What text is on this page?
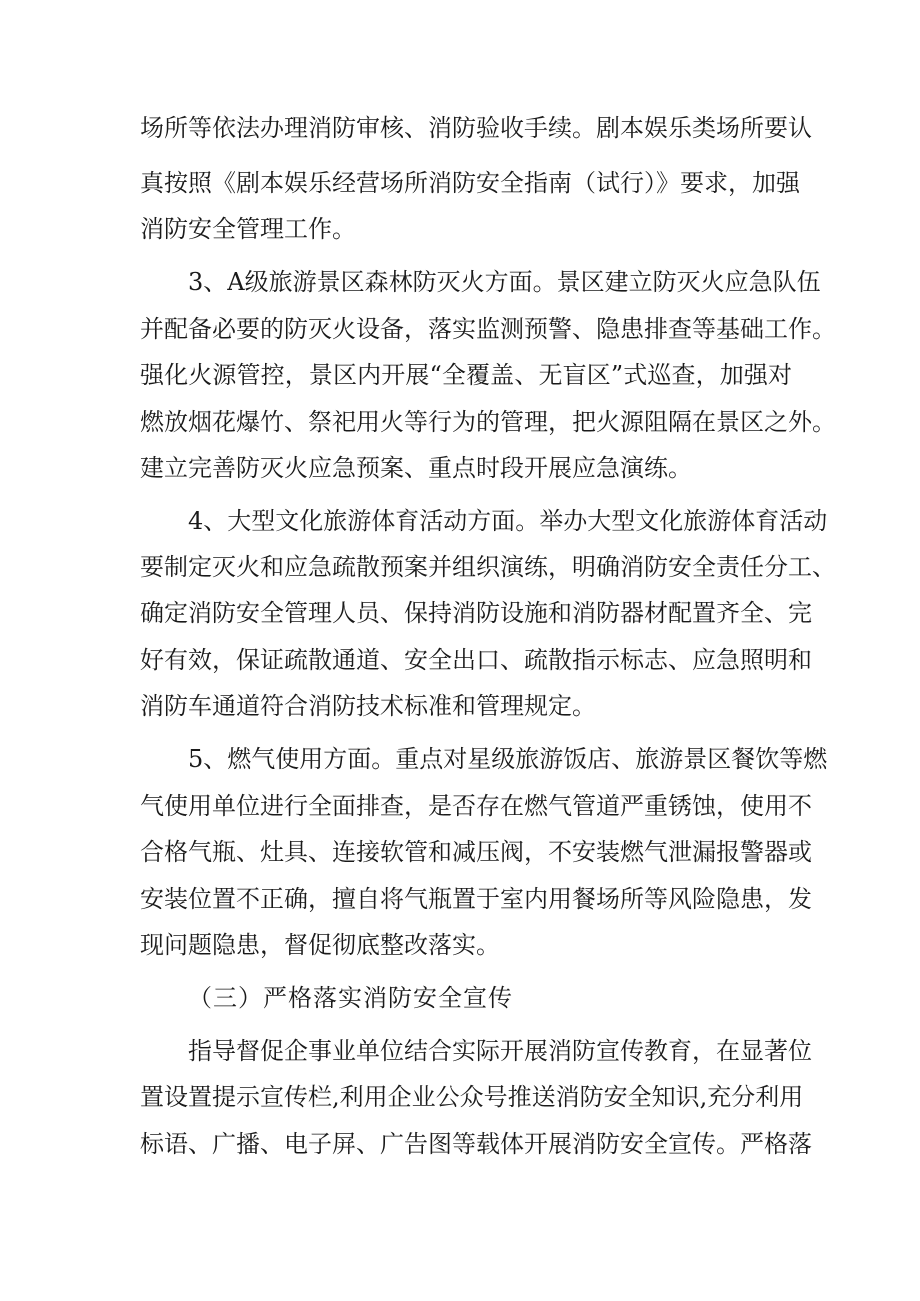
场所等依法办理消防审核、消防验收手续。剧本娱乐类场所要认
真按照《剧本娱乐经营场所消防安全指南（试行）》要求，加强
消防安全管理工作。
3、A级旅游景区森林防灭火方面。景区建立防灭火应急队伍
并配备必要的防灭火设备，落实监测预警、隐患排查等基础工作。
强化火源管控，景区内开展“全覆盖、无盲区”式巡查，加强对
燃放烟花爆竹、祭祀用火等行为的管理，把火源阻隔在景区之外。
建立完善防灭火应急预案、重点时段开展应急演练。
4、大型文化旅游体育活动方面。举办大型文化旅游体育活动
要制定灭火和应急疏散预案并组织演练，明确消防安全责任分工、
确定消防安全管理人员、保持消防设施和消防器材配置齐全、完
好有效，保证疏散通道、安全出口、疏散指示标志、应急照明和
消防车通道符合消防技术标准和管理规定。
5、燃气使用方面。重点对星级旅游饭店、旅游景区餐饮等燃
气使用单位进行全面排查，是否存在燃气管道严重锈蚀，使用不
合格气瓶、灶具、连接软管和减压阀，不安装燃气泄漏报警器或
安装位置不正确，擅自将气瓶置于室内用餐场所等风险隐患，发
现问题隐患，督促彻底整改落实。
（三）严格落实消防安全宣传
指导督促企事业单位结合实际开展消防宣传教育，在显著位
置设置提示宣传栏,利用企业公众号推送消防安全知识,充分利用
标语、广播、电子屏、广告图等载体开展消防安全宣传。严格落
